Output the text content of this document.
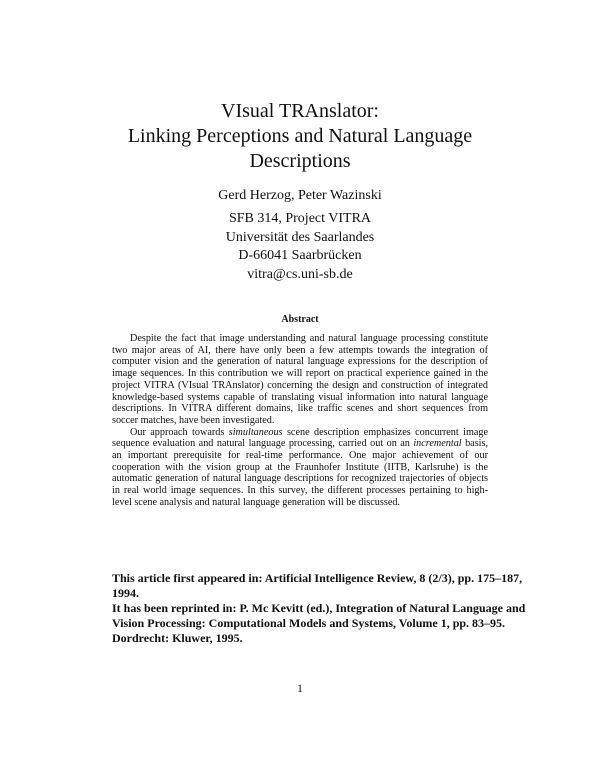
VIsual TRAnslator:
Linking Perceptions and Natural Language
Descriptions
Gerd Herzog, Peter Wazinski
SFB 314, Project VITRA
Universität des Saarlandes
D-66041 Saarbrücken
vitra@cs.uni-sb.de
Abstract

Despite the fact that image understanding and natural language processing constitute two major areas of AI, there have only been a few attempts towards the integration of computer vision and the generation of natural language expressions for the description of image sequences. In this contribution we will report on practical experience gained in the project VITRA (VIsual TRAnslator) concerning the design and construction of integrated knowledge-based systems capable of translating visual information into natural language descriptions. In VITRA different domains, like traffic scenes and short sequences from soccer matches, have been investigated.

Our approach towards simultaneous scene description emphasizes concurrent image sequence evaluation and natural language processing, carried out on an incremental basis, an important prerequisite for real-time performance. One major achievement of our cooperation with the vision group at the Fraunhofer Institute (IITB, Karlsruhe) is the automatic generation of natural language descriptions for recognized trajectories of objects in real world image sequences. In this survey, the different processes pertaining to high-level scene analysis and natural language generation will be discussed.

This article first appeared in: Artificial Intelligence Review, 8 (2/3), pp. 175–187, 1994.

It has been reprinted in: P. Mc Kevitt (ed.), Integration of Natural Language and Vision Processing: Computational Models and Systems, Volume 1, pp. 83–95. Dordrecht: Kluwer, 1995.

1
